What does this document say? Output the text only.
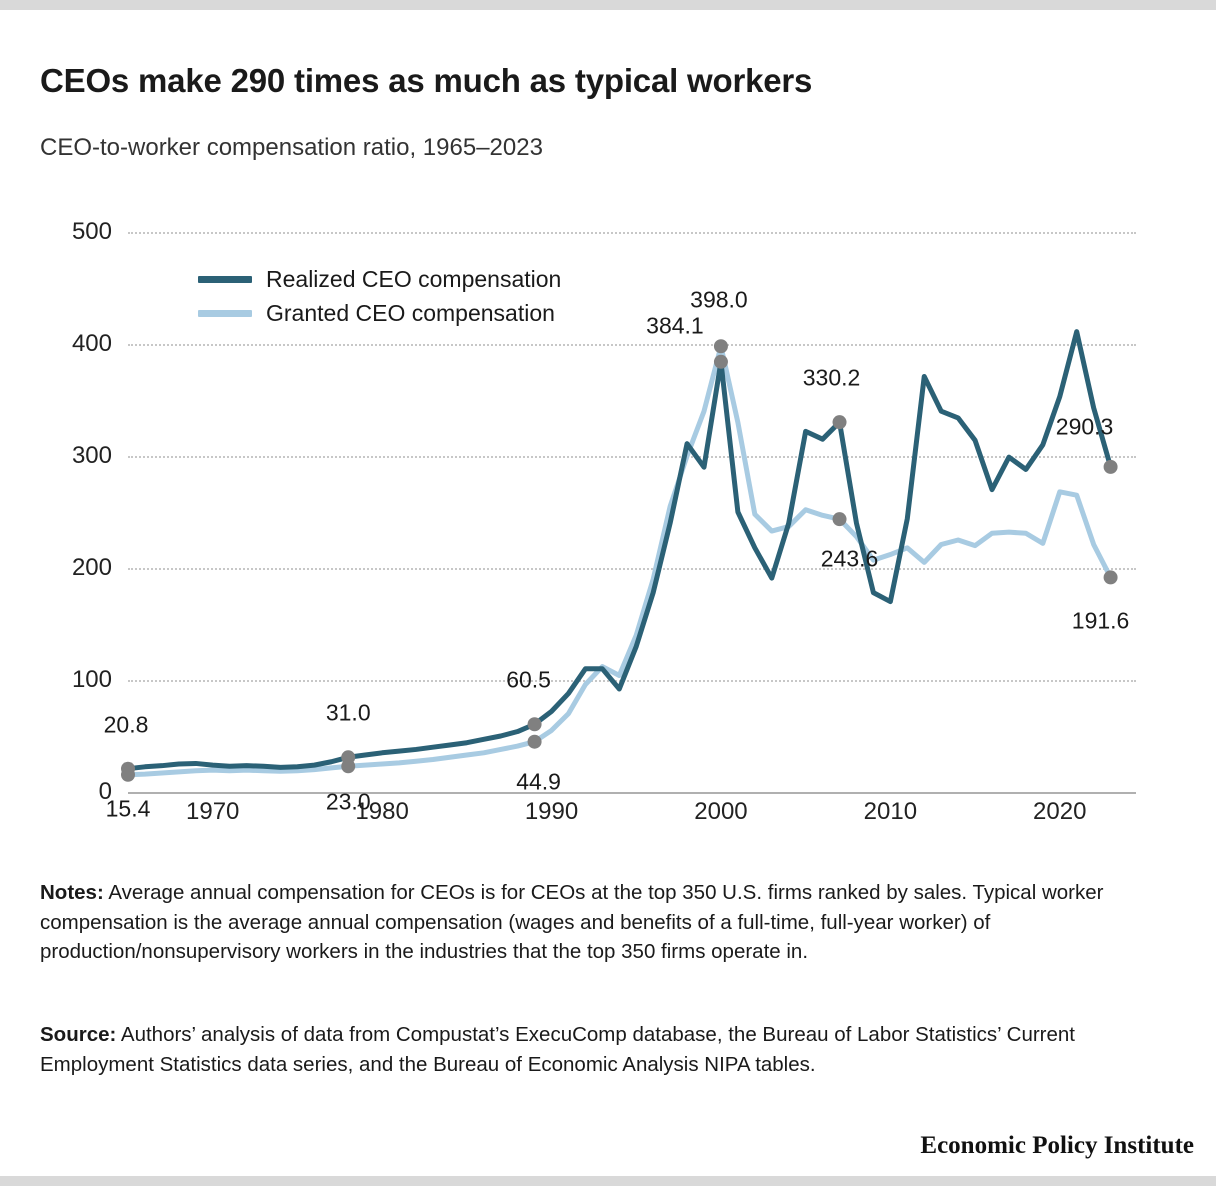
CEOs make 290 times as much as typical workers
CEO-to-worker compensation ratio, 1965–2023
0
100
200
300
400
500
1970	1980	1990	2000	2010	2020
20.8
15.4
31.0
23.0
60.5
44.9
384.1
398.0
330.2
243.6
290.3
191.6
Realized CEO compensation
Granted CEO compensation
Notes: Average annual compensation for CEOs is for CEOs at the top 350 U.S. firms ranked by sales. Typical worker compensation is the average annual compensation (wages and benefits of a full-time, full-year worker) of production/nonsupervisory workers in the industries that the top 350 firms operate in.
Source: Authors’ analysis of data from Compustat’s ExecuComp database, the Bureau of Labor Statistics’ Current Employment Statistics data series, and the Bureau of Economic Analysis NIPA tables.
Economic Policy Institute
